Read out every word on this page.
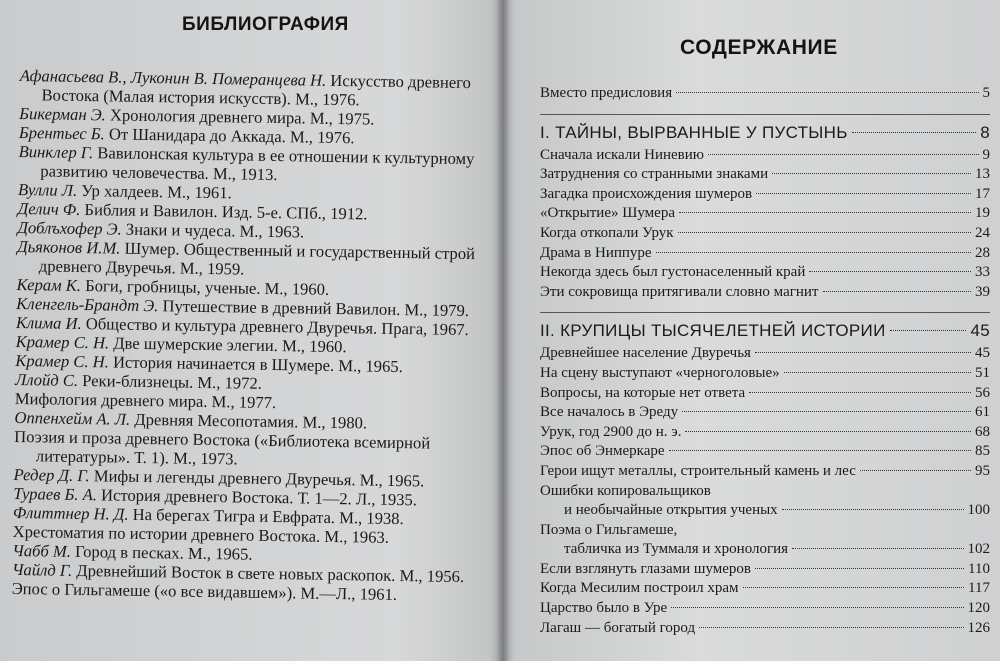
БИБЛИОГРАФИЯ

Афанасьева В., Луконин В. Померанцева Н. Искусство древнего Востока (Малая история искусств). М., 1976.

Бикерман Э. Хронология древнего мира. М., 1975.

Брентьес Б. От Шанидара до Аккада. М., 1976.

Винклер Г. Вавилонская культура в ее отношении к культурному развитию человечества. М., 1913.

Вулли Л. Ур халдеев. М., 1961.

Делич Ф. Библия и Вавилон. Изд. 5-е. СПб., 1912.

Доблъхофер Э. Знаки и чудеса. М., 1963.

Дьяконов И.М. Шумер. Общественный и государственный строй древнего Двуречья. М., 1959.

Керам К. Боги, гробницы, ученые. М., 1960.

Кленгель-Брандт Э. Путешествие в древний Вавилон. М., 1979.

Клима И. Общество и культура древнего Двуречья. Прага, 1967.

Крамер С. Н. Две шумерские элегии. М., 1960.

Крамер С. Н. История начинается в Шумере. М., 1965.

Ллойд С. Реки-близнецы. М., 1972.

Мифология древнего мира. М., 1977.

Оппенхейм А. Л. Древняя Месопотамия. М., 1980.

Поэзия и проза древнего Востока («Библиотека всемирной литературы». Т. 1). М., 1973.

Редер Д. Г. Мифы и легенды древнего Двуречья. М., 1965.

Тураев Б. А. История древнего Востока. Т. 1—2. Л., 1935.

Флиттнер Н. Д. На берегах Тигра и Евфрата. М., 1938.

Хрестоматия по истории древнего Востока. М., 1963.

Чабб М. Город в песках. М., 1965.

Чайлд Г. Древнейший Восток в свете новых раскопок. М., 1956.

Эпос о Гильгамеше («о все видавшем»). М.—Л., 1961.

СОДЕРЖАНИЕ
Вместо предисловия	5
I. ТАЙНЫ, ВЫРВАННЫЕ У ПУСТЫНЬ	8
Сначала искали Ниневию	9
Затруднения со странными знаками	13
Загадка происхождения шумеров	17
«Открытие» Шумера	19
Когда откопали Урук	24
Драма в Ниппуре	28
Некогда здесь был густонаселенный край	33
Эти сокровища притягивали словно магнит	39
II. КРУПИЦЫ ТЫСЯЧЕЛЕТНЕЙ ИСТОРИИ	45
Древнейшее население Двуречья	45
На сцену выступают «черноголовые»	51
Вопросы, на которые нет ответа	56
Все началось в Эреду	61
Урук, год 2900 до н. э.	68
Эпос об Энмеркаре	85
Герои ищут металлы, строительный камень и лес	95
Ошибки копировальщиков
и необычайные открытия ученых	100
Поэма о Гильгамеше,
табличка из Туммаля и хронология	102
Если взглянуть глазами шумеров	110
Когда Месилим построил храм	117
Царство было в Уре	120
Лагаш — богатый город	126
